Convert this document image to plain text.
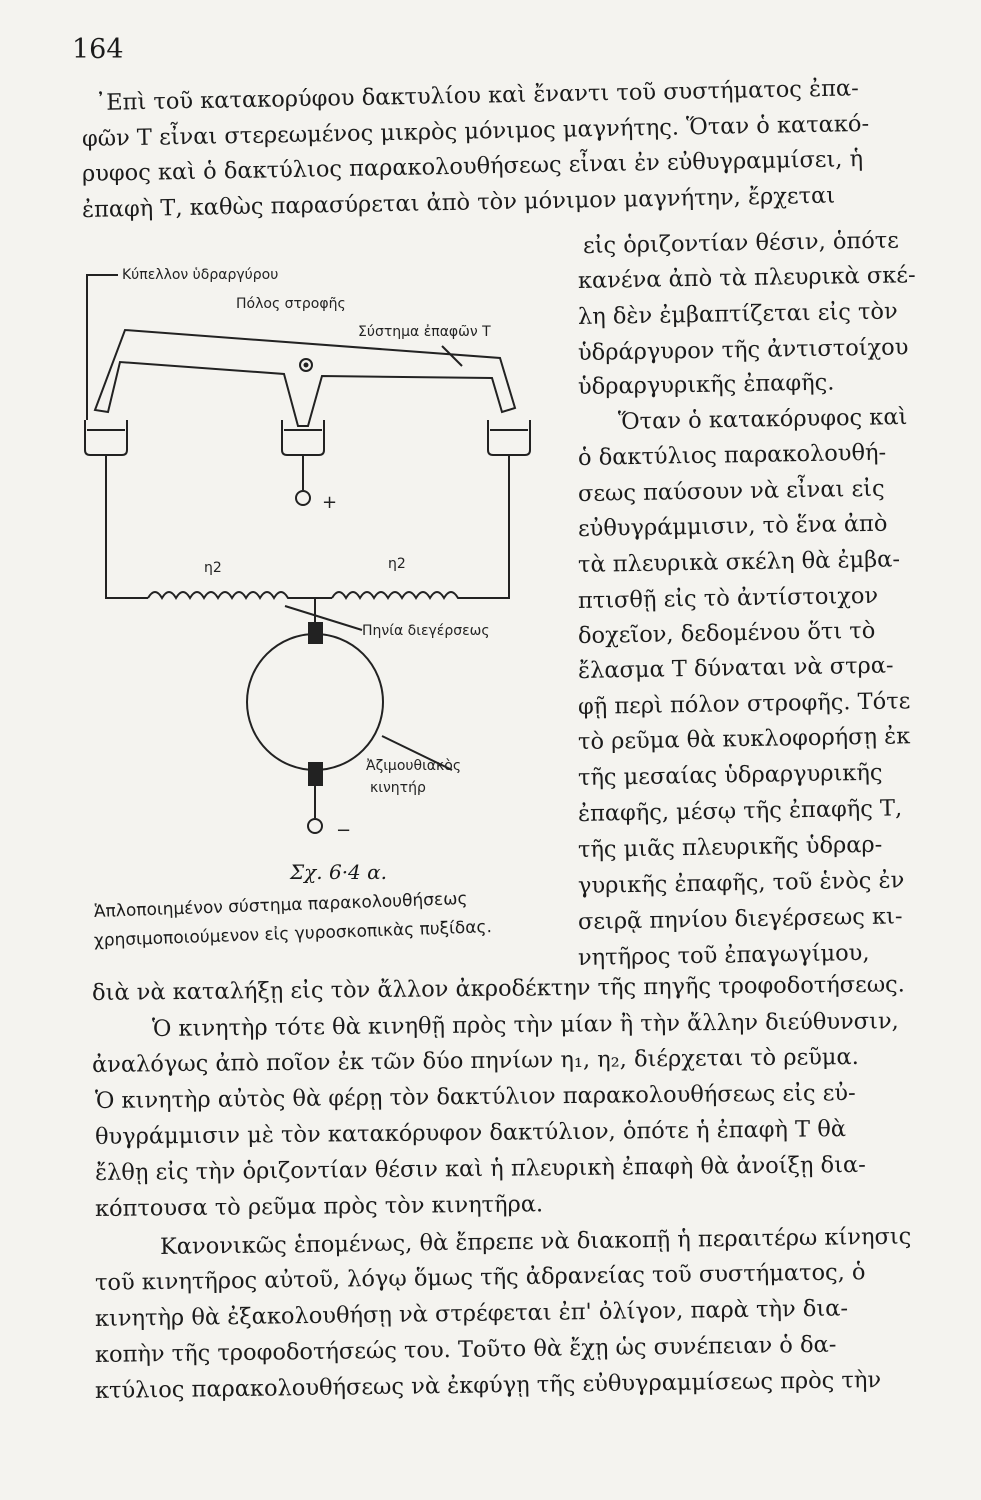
164

᾿Επὶ τοῦ κατακορύφου δακτυλίου καὶ ἔναντι τοῦ συστήματος ἐπα-

φῶν Τ εἶναι στερεωμένος μικρὸς μόνιμος μαγνήτης. Ὅταν ὁ κατακό-

ρυφος καὶ ὁ δακτύλιος παρακολουθήσεως εἶναι ἐν εὐθυγραμμίσει, ἡ

ἐπαφὴ Τ, καθὼς παρασύρεται ἀπὸ τὸν μόνιμον μαγνήτην, ἔρχεται

εἰς ὁριζοντίαν θέσιν, ὁπότε

κανένα ἀπὸ τὰ πλευρικὰ σκέ-

λη δὲν ἐμβαπτίζεται εἰς τὸν

ὑδράργυρον τῆς ἀντιστοίχου

ὑδραργυρικῆς ἐπαφῆς.

Ὅταν ὁ κατακόρυφος καὶ

ὁ δακτύλιος παρακολουθή-

σεως παύσουν νὰ εἶναι εἰς

εὐθυγράμμισιν, τὸ ἕνα ἀπὸ

τὰ πλευρικὰ σκέλη θὰ ἐμβα-

πτισθῇ εἰς τὸ ἀντίστοιχον

δοχεῖον, δεδομένου ὅτι τὸ

ἔλασμα Τ δύναται νὰ στρα-

φῇ περὶ πόλον στροφῆς. Τότε

τὸ ρεῦμα θὰ κυκλοφορήσῃ ἐκ

τῆς μεσαίας ὑδραργυρικῆς

ἐπαφῆς, μέσῳ τῆς ἐπαφῆς Τ,

τῆς μιᾶς πλευρικῆς ὑδραρ-

γυρικῆς ἐπαφῆς, τοῦ ἑνὸς ἐν

σειρᾷ πηνίου διεγέρσεως κι-

νητῆρος τοῦ ἐπαγωγίμου,

Κύπελλον ὑδραργύρου
Πόλος στροφῆς
Σύστημα ἐπαφῶν Τ
+
η2	η2
Πηνία διεγέρσεως
Ἀζιμουθιακὸς
κινητήρ
−
Σχ. 6·4 α.

Ἁπλοποιημένον σύστημα παρακολουθήσεως

χρησιμοποιούμενον εἰς γυροσκοπικὰς πυξίδας.

διὰ νὰ καταλήξῃ εἰς τὸν ἄλλον ἀκροδέκτην τῆς πηγῆς τροφοδοτήσεως.

Ὁ κινητὴρ τότε θὰ κινηθῇ πρὸς τὴν μίαν ἢ τὴν ἄλλην διεύθυνσιν,

ἀναλόγως ἀπὸ ποῖον ἐκ τῶν δύο πηνίων η₁, η₂, διέρχεται τὸ ρεῦμα.

Ὁ κινητὴρ αὐτὸς θὰ φέρῃ τὸν δακτύλιον παρακολουθήσεως εἰς εὐ-

θυγράμμισιν μὲ τὸν κατακόρυφον δακτύλιον, ὁπότε ἡ ἐπαφὴ Τ θὰ

ἔλθῃ εἰς τὴν ὁριζοντίαν θέσιν καὶ ἡ πλευρικὴ ἐπαφὴ θὰ ἀνοίξῃ δια-

κόπτουσα τὸ ρεῦμα πρὸς τὸν κινητῆρα.

Κανονικῶς ἑπομένως, θὰ ἔπρεπε νὰ διακοπῇ ἡ περαιτέρω κίνησις

τοῦ κινητῆρος αὐτοῦ, λόγῳ ὅμως τῆς ἀδρανείας τοῦ συστήματος, ὁ

κινητὴρ θὰ ἐξακολουθήσῃ νὰ στρέφεται ἐπ' ὀλίγον, παρὰ τὴν δια-

κοπὴν τῆς τροφοδοτήσεώς του. Τοῦτο θὰ ἔχῃ ὡς συνέπειαν ὁ δα-

κτύλιος παρακολουθήσεως νὰ ἐκφύγῃ τῆς εὐθυγραμμίσεως πρὸς τὴν
